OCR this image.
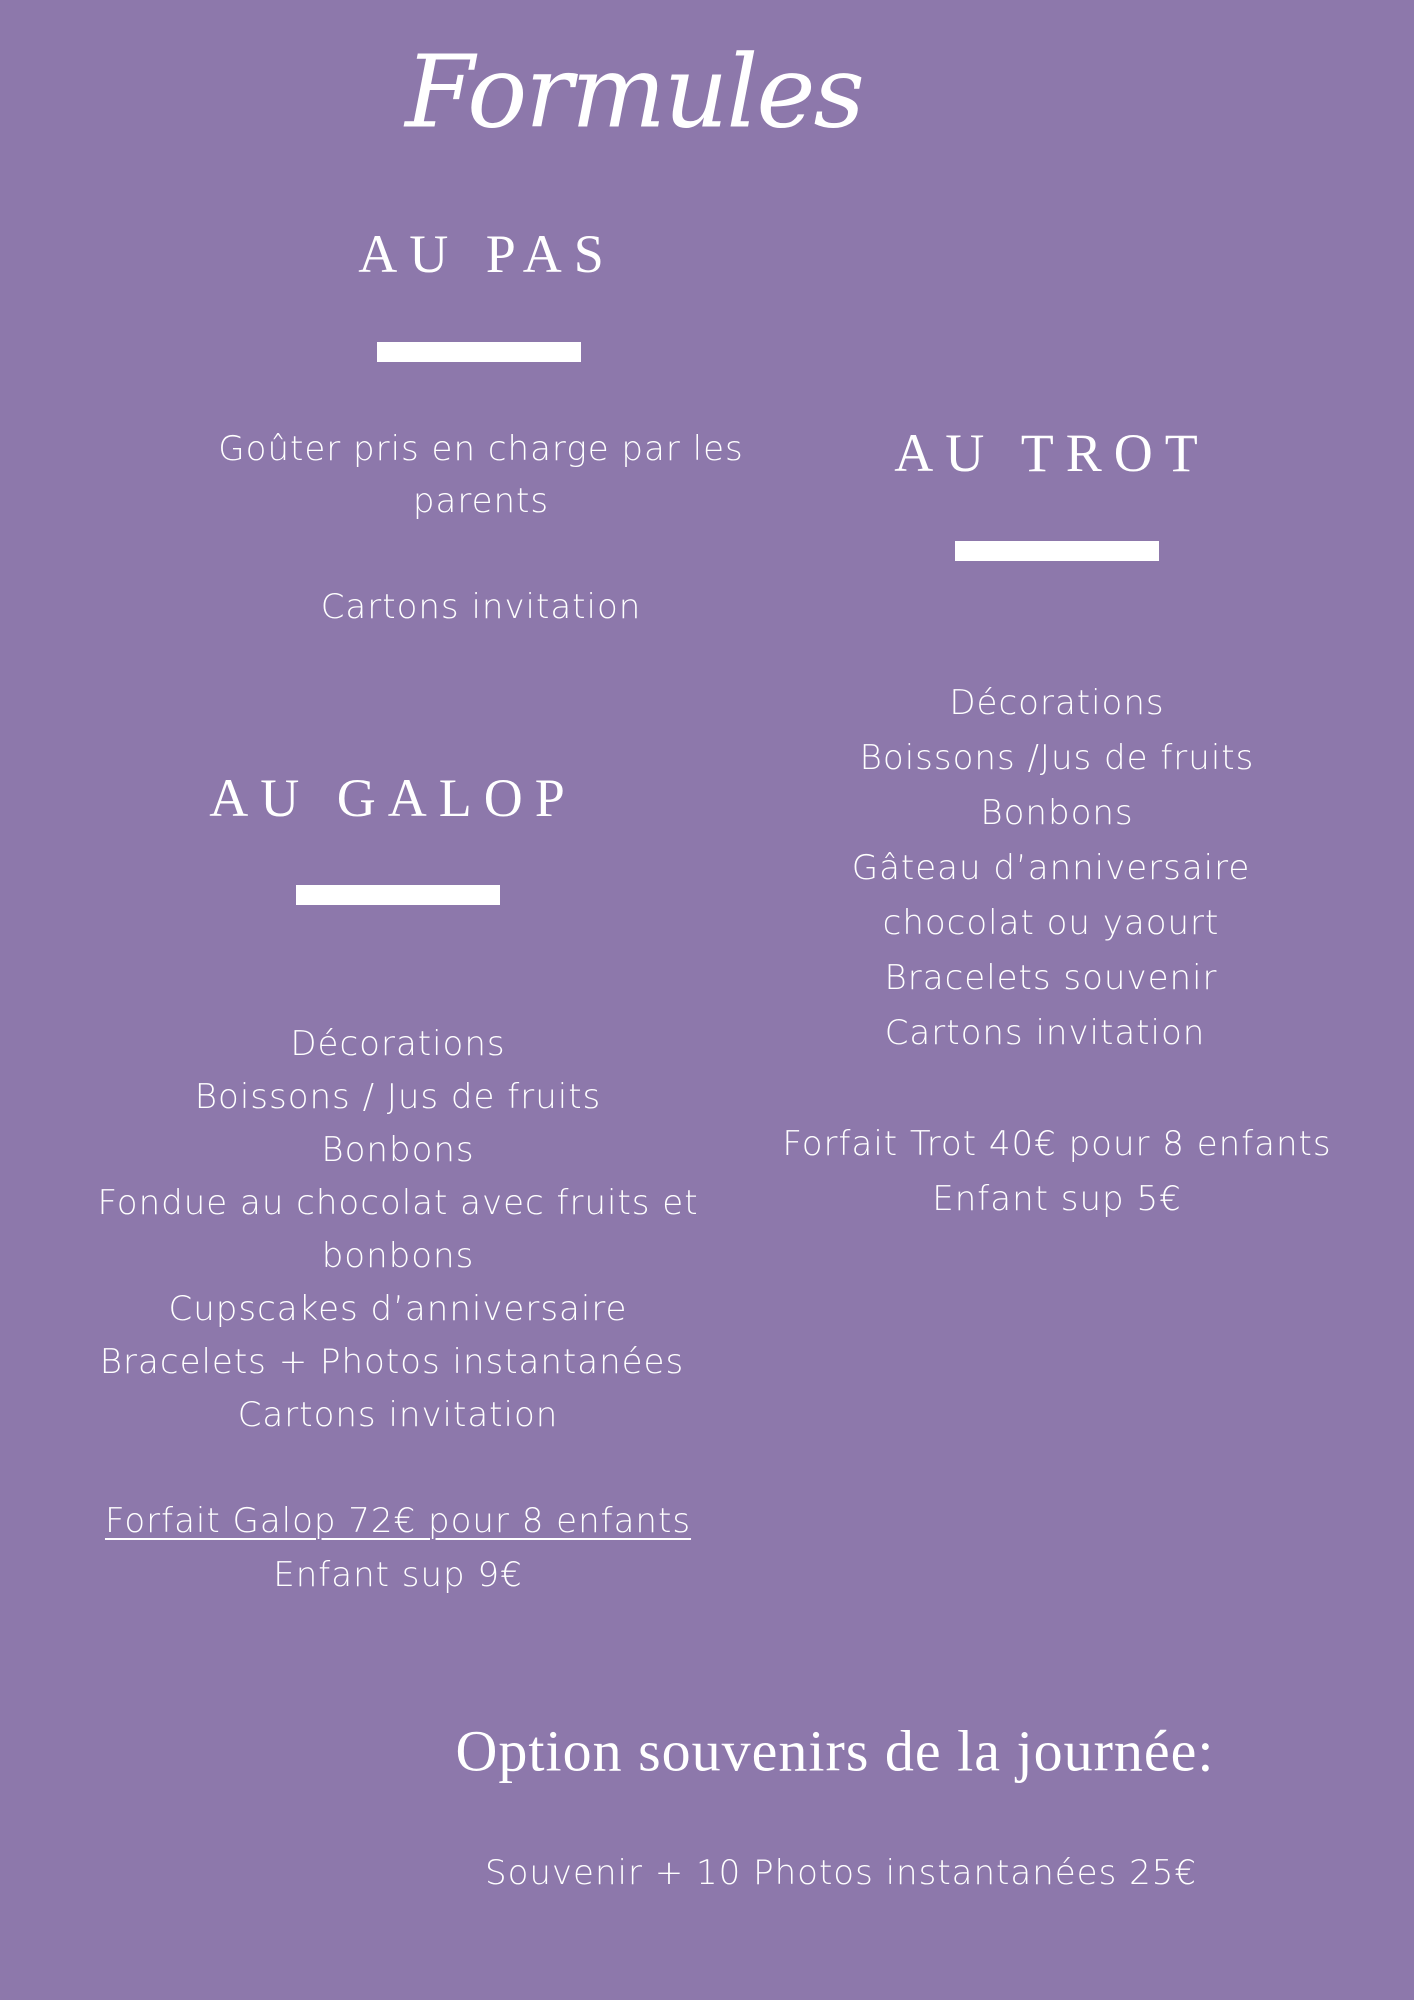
Formules
AU PAS
Goûter pris en charge par les
parents
Cartons invitation
AU TROT
Décorations
Boissons /Jus de fruits
Bonbons
Gâteau d’anniversaire
chocolat ou yaourt
Bracelets souvenir
Cartons invitation
Forfait Trot 40€ pour 8 enfants
Enfant sup 5€
AU GALOP
Décorations
Boissons / Jus de fruits
Bonbons
Fondue au chocolat avec fruits et
bonbons
Cupscakes d’anniversaire
Bracelets + Photos instantanées
Cartons invitation
Forfait Galop 72€ pour 8 enfants
Enfant sup 9€
Option souvenirs de la journée:
Souvenir + 10 Photos instantanées 25€
